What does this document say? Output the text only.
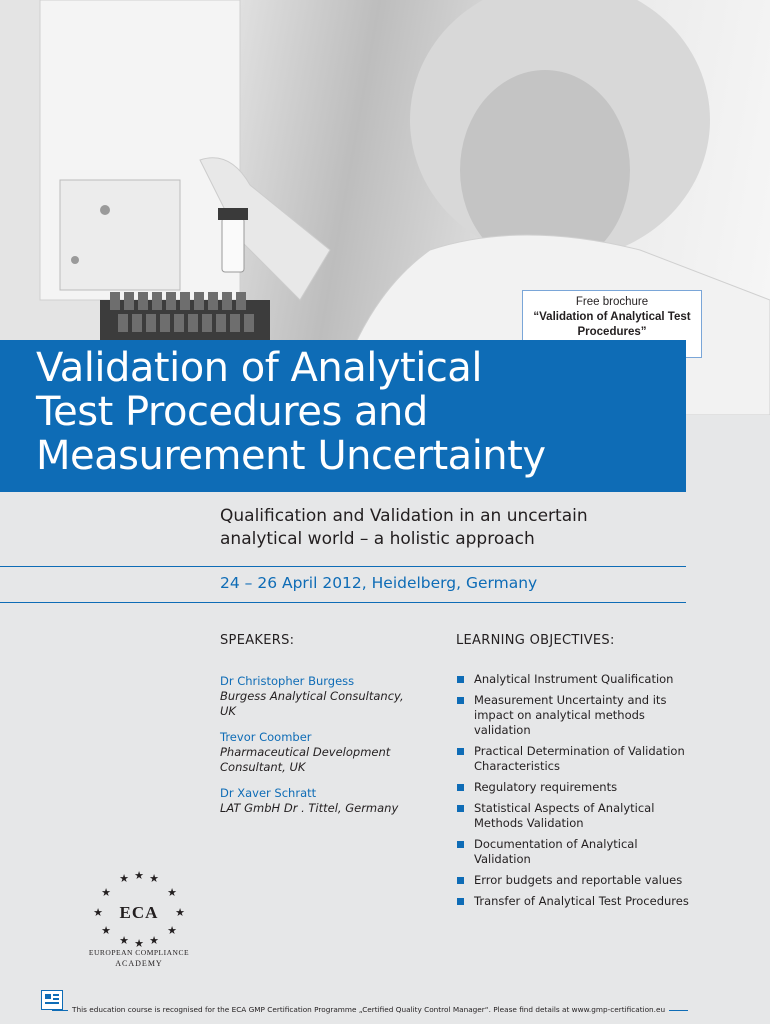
Free brochure
“Validation of Analytical Test
Procedures”
Validation of Analytical
Test Procedures and
Measurement Uncertainty
Qualification and Validation in an uncertain
analytical world – a holistic approach
24 – 26 April 2012, Heidelberg, Germany
SPEAKERS:
Dr Christopher Burgess
Burgess Analytical Consultancy,
UK
Trevor Coomber
Pharmaceutical Development
Consultant, UK
Dr Xaver Schratt
LAT GmbH Dr . Tittel, Germany
LEARNING OBJECTIVES:
Analytical Instrument Qualification
Measurement Uncertainty and its impact on analytical methods validation
Practical Determination of Validation Characteristics
Regulatory requirements
Statistical Aspects of Analytical Methods Validation
Documentation of Analytical Validation
Error budgets and reportable values
Transfer of Analytical Test Procedures
★ ★ ★
★	★
★	★
★	★
★ ★ ★
ECA
EUROPEAN COMPLIANCE
ACADEMY
This education course is recognised for the ECA GMP Certification Programme „Certified Quality Control Manager“. Please find details at www.gmp-certification.eu
